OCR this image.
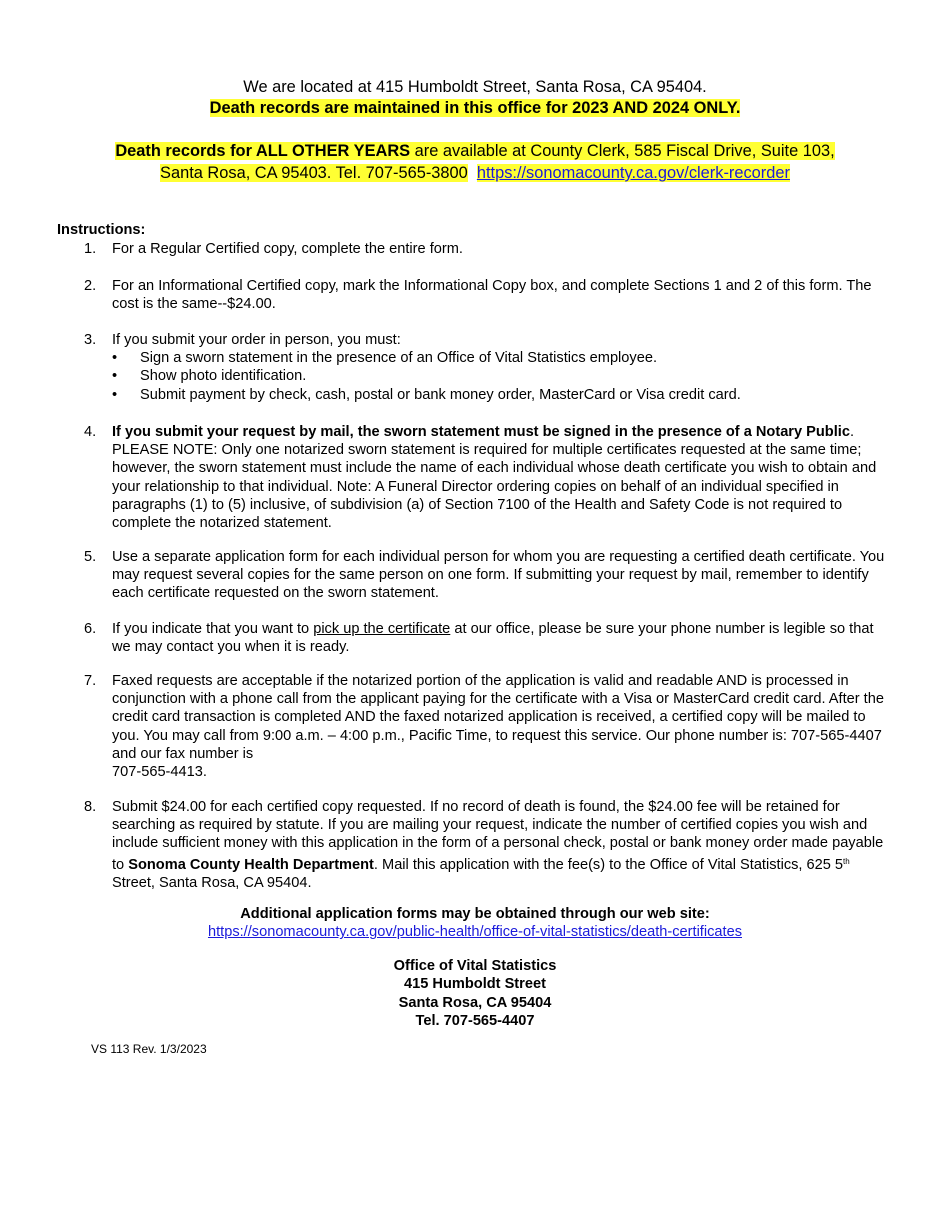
We are located at 415 Humboldt Street, Santa Rosa, CA 95404.
Death records are maintained in this office for 2023 AND 2024 ONLY.
Death records for ALL OTHER YEARS are available at County Clerk, 585 Fiscal Drive, Suite 103,
Santa Rosa, CA 95403. Tel. 707-565-3800 https://sonomacounty.ca.gov/clerk-recorder
Instructions:
1.	For a Regular Certified copy, complete the entire form.
2.	For an Informational Certified copy, mark the Informational Copy box, and complete Sections 1 and 2 of this form. The cost is the same--$24.00.
3.	If you submit your order in person, you must:
• Sign a sworn statement in the presence of an Office of Vital Statistics employee.
• Show photo identification.
• Submit payment by check, cash, postal or bank money order, MasterCard or Visa credit card.
4.	If you submit your request by mail, the sworn statement must be signed in the presence of a Notary Public. PLEASE NOTE: Only one notarized sworn statement is required for multiple certificates requested at the same time; however, the sworn statement must include the name of each individual whose death certificate you wish to obtain and your relationship to that individual. Note: A Funeral Director ordering copies on behalf of an individual specified in paragraphs (1) to (5) inclusive, of subdivision (a) of Section 7100 of the Health and Safety Code is not required to complete the notarized statement.
5.	Use a separate application form for each individual person for whom you are requesting a certified death certificate. You may request several copies for the same person on one form. If submitting your request by mail, remember to identify each certificate requested on the sworn statement.
6.	If you indicate that you want to pick up the certificate at our office, please be sure your phone number is legible so that we may contact you when it is ready.
7.	Faxed requests are acceptable if the notarized portion of the application is valid and readable AND is processed in conjunction with a phone call from the applicant paying for the certificate with a Visa or MasterCard credit card. After the credit card transaction is completed AND the faxed notarized application is received, a certified copy will be mailed to you. You may call from 9:00 a.m. – 4:00 p.m., Pacific Time, to request this service. Our phone number is: 707-565-4407 and our fax number is
707-565-4413.
8.	Submit $24.00 for each certified copy requested. If no record of death is found, the $24.00 fee will be retained for searching as required by statute. If you are mailing your request, indicate the number of certified copies you wish and include sufficient money with this application in the form of a personal check, postal or bank money order made payable to Sonoma County Health Department. Mail this application with the fee(s) to the Office of Vital Statistics, 625 5th Street, Santa Rosa, CA 95404.
Additional application forms may be obtained through our web site:
https://sonomacounty.ca.gov/public-health/office-of-vital-statistics/death-certificates
Office of Vital Statistics
415 Humboldt Street
Santa Rosa, CA 95404
Tel. 707-565-4407
VS 113 Rev. 1/3/2023
